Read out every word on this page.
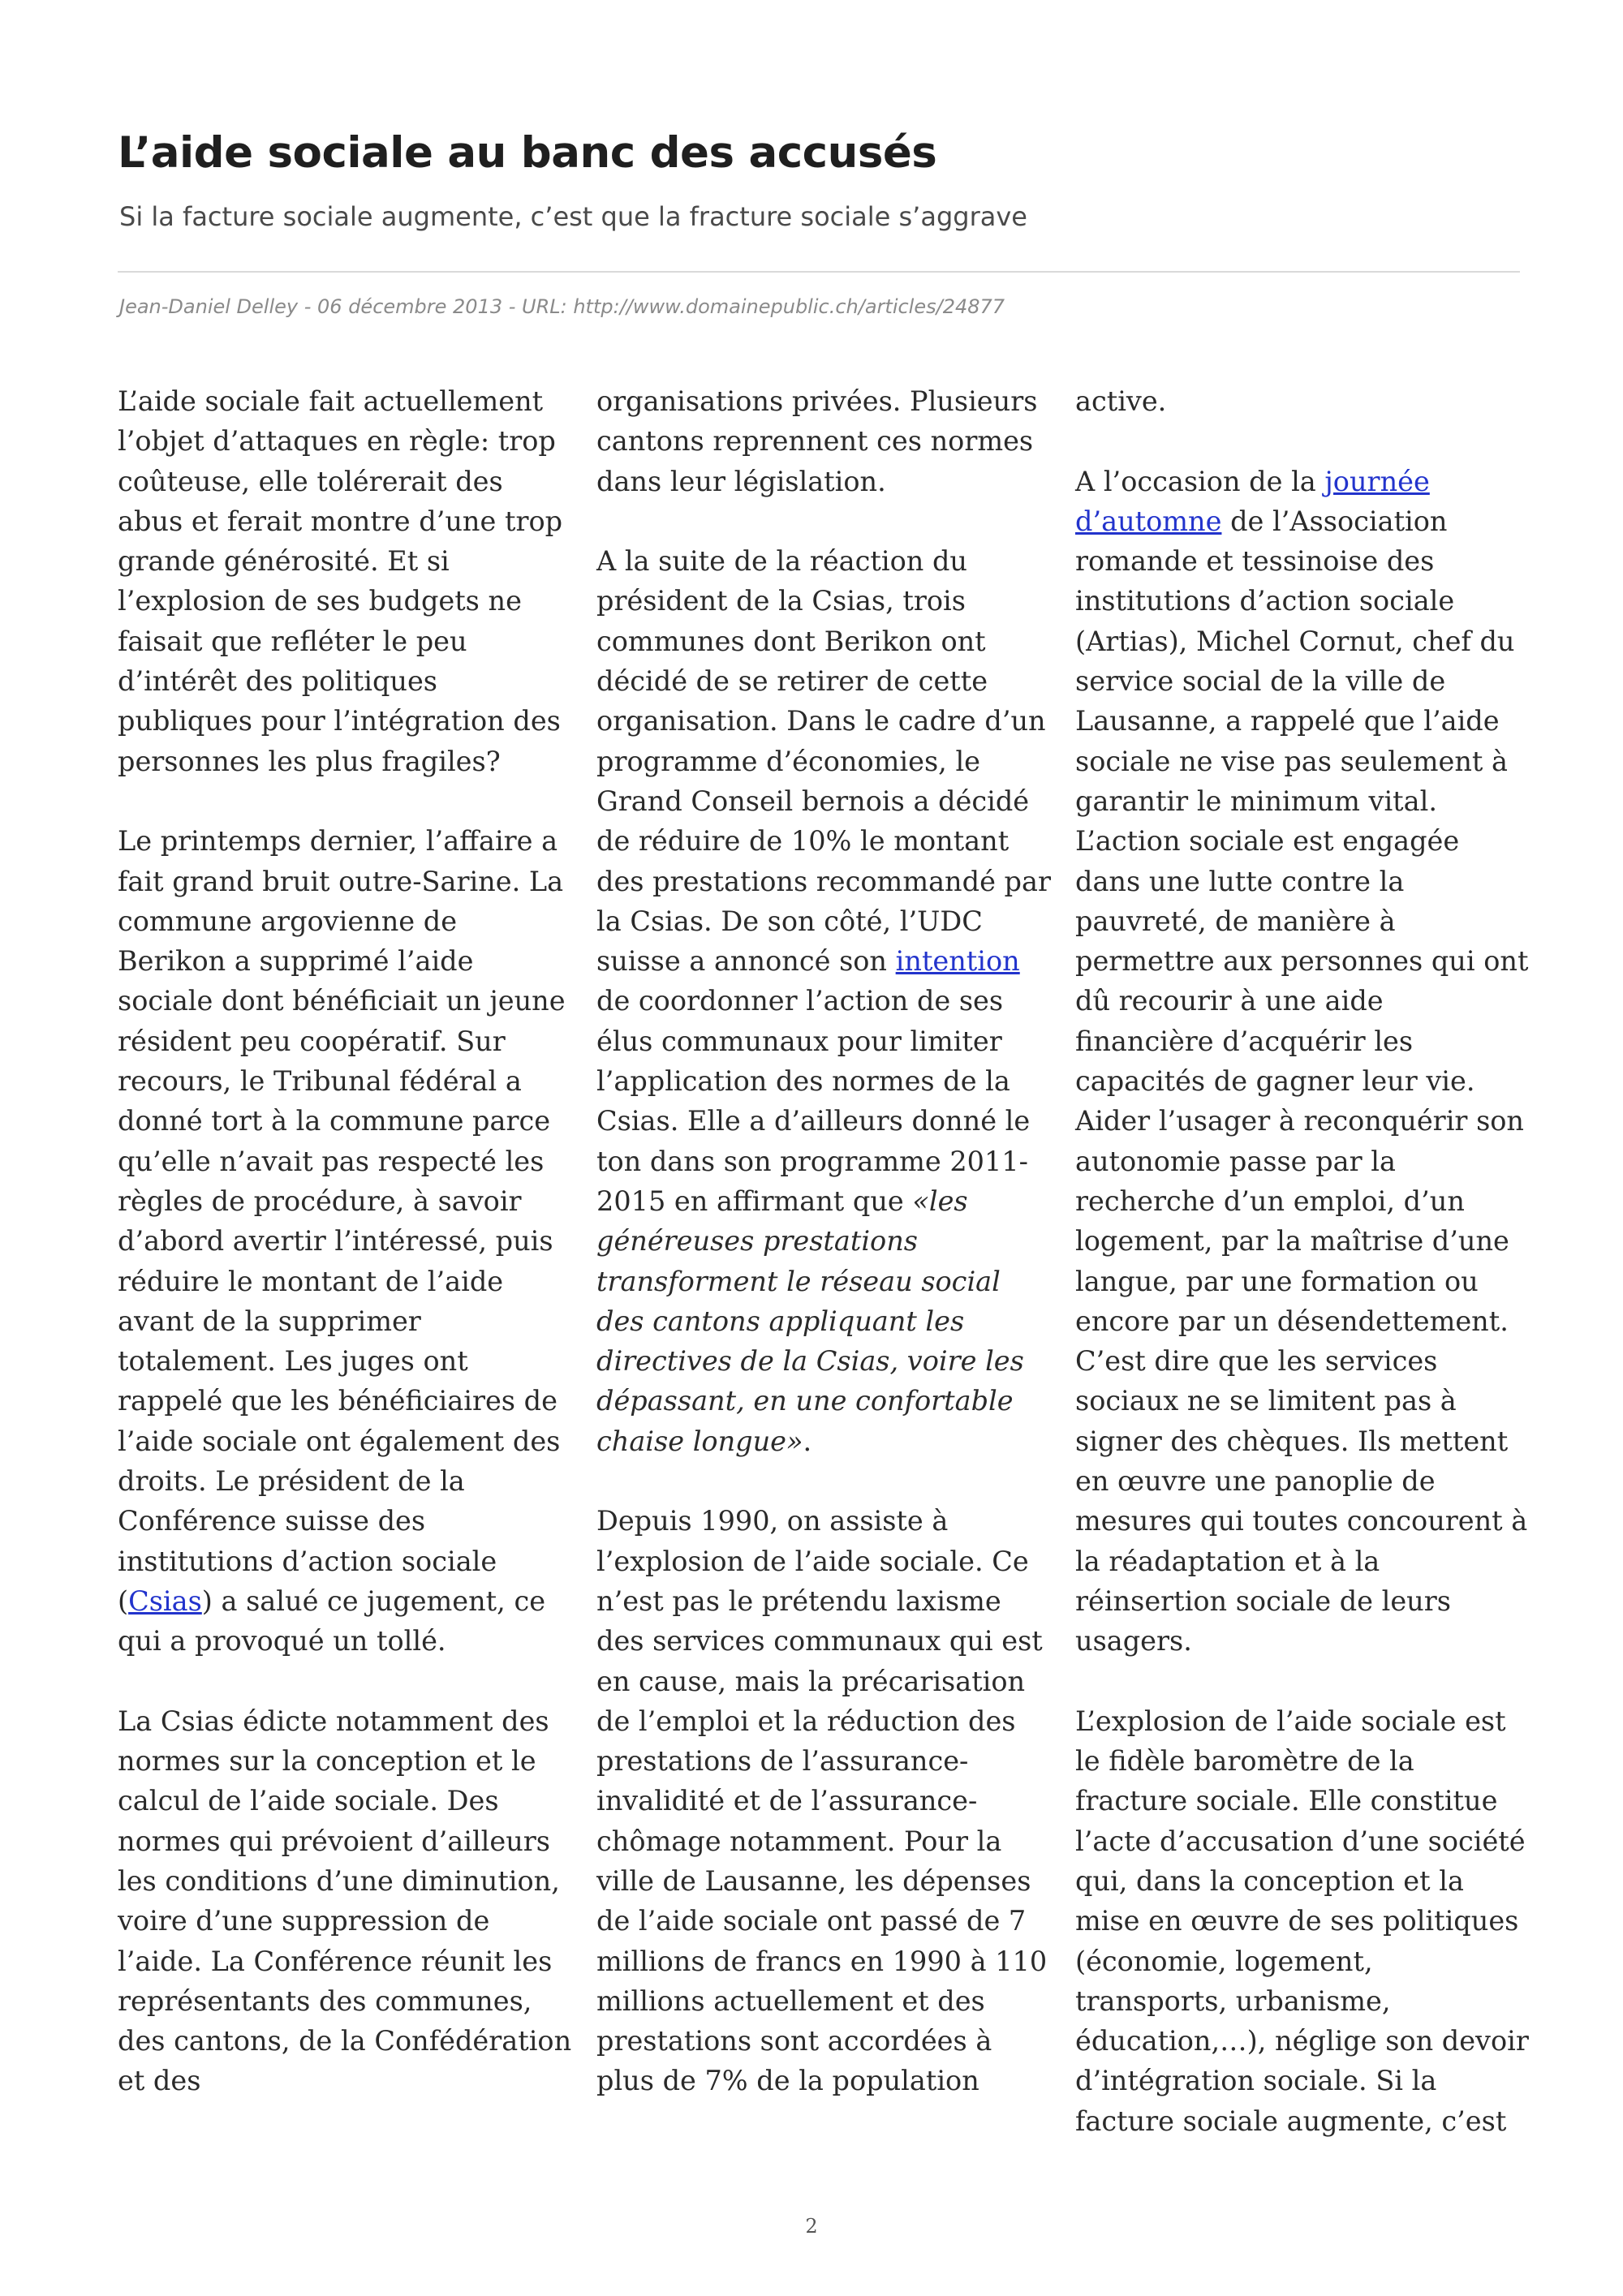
L’aide sociale au banc des accusés

Si la facture sociale augmente, c’est que la fracture sociale s’aggrave

Jean-Daniel Delley - 06 décembre 2013 - URL: http://www.domainepublic.ch/articles/24877

L’aide sociale fait actuellement l’objet d’attaques en règle: trop coûteuse, elle tolérerait des abus et ferait montre d’une trop grande générosité. Et si l’explosion de ses budgets ne faisait que refléter le peu d’intérêt des politiques publiques pour l’intégration des personnes les plus fragiles?

Le printemps dernier, l’affaire a fait grand bruit outre-Sarine. La commune argovienne de Berikon a supprimé l’aide sociale dont bénéficiait un jeune résident peu coopératif. Sur recours, le Tribunal fédéral a donné tort à la commune parce qu’elle n’avait pas respecté les règles de procédure, à savoir d’abord avertir l’intéressé, puis réduire le montant de l’aide avant de la supprimer totalement. Les juges ont rappelé que les bénéficiaires de l’aide sociale ont également des droits. Le président de la Conférence suisse des institutions d’action sociale (Csias) a salué ce jugement, ce qui a provoqué un tollé.

La Csias édicte notamment des normes sur la conception et le calcul de l’aide sociale. Des normes qui prévoient d’ailleurs les conditions d’une diminution, voire d’une suppression de l’aide. La Conférence réunit les représentants des communes, des cantons, de la Confédération et des

organisations privées. Plusieurs cantons reprennent ces normes dans leur législation.

A la suite de la réaction du président de la Csias, trois communes dont Berikon ont décidé de se retirer de cette organisation. Dans le cadre d’un programme d’économies, le Grand Conseil bernois a décidé de réduire de 10% le montant des prestations recommandé par la Csias. De son côté, l’UDC suisse a annoncé son intention de coordonner l’action de ses élus communaux pour limiter l’application des normes de la Csias. Elle a d’ailleurs donné le ton dans son programme 2011-2015 en affirmant que «les généreuses prestations transforment le réseau social des cantons appliquant les directives de la Csias, voire les dépassant, en une confortable chaise longue».

Depuis 1990, on assiste à l’explosion de l’aide sociale. Ce n’est pas le prétendu laxisme des services communaux qui est en cause, mais la précarisation de l’emploi et la réduction des prestations de l’assurance-invalidité et de l’assurance-chômage notamment. Pour la ville de Lausanne, les dépenses de l’aide sociale ont passé de 7 millions de francs en 1990 à 110 millions actuellement et des prestations sont accordées à plus de 7% de la population

active.

A l’occasion de la journée d’automne de l’Association romande et tessinoise des institutions d’action sociale (Artias), Michel Cornut, chef du service social de la ville de Lausanne, a rappelé que l’aide sociale ne vise pas seulement à garantir le minimum vital. L’action sociale est engagée dans une lutte contre la pauvreté, de manière à permettre aux personnes qui ont dû recourir à une aide financière d’acquérir les capacités de gagner leur vie. Aider l’usager à reconquérir son autonomie passe par la recherche d’un emploi, d’un logement, par la maîtrise d’une langue, par une formation ou encore par un désendettement. C’est dire que les services sociaux ne se limitent pas à signer des chèques. Ils mettent en œuvre une panoplie de mesures qui toutes concourent à la réadaptation et à la réinsertion sociale de leurs usagers.

L’explosion de l’aide sociale est le fidèle baromètre de la fracture sociale. Elle constitue l’acte d’accusation d’une société qui, dans la conception et la mise en œuvre de ses politiques (économie, logement, transports, urbanisme, éducation,…), néglige son devoir d’intégration sociale. Si la facture sociale augmente, c’est

2
